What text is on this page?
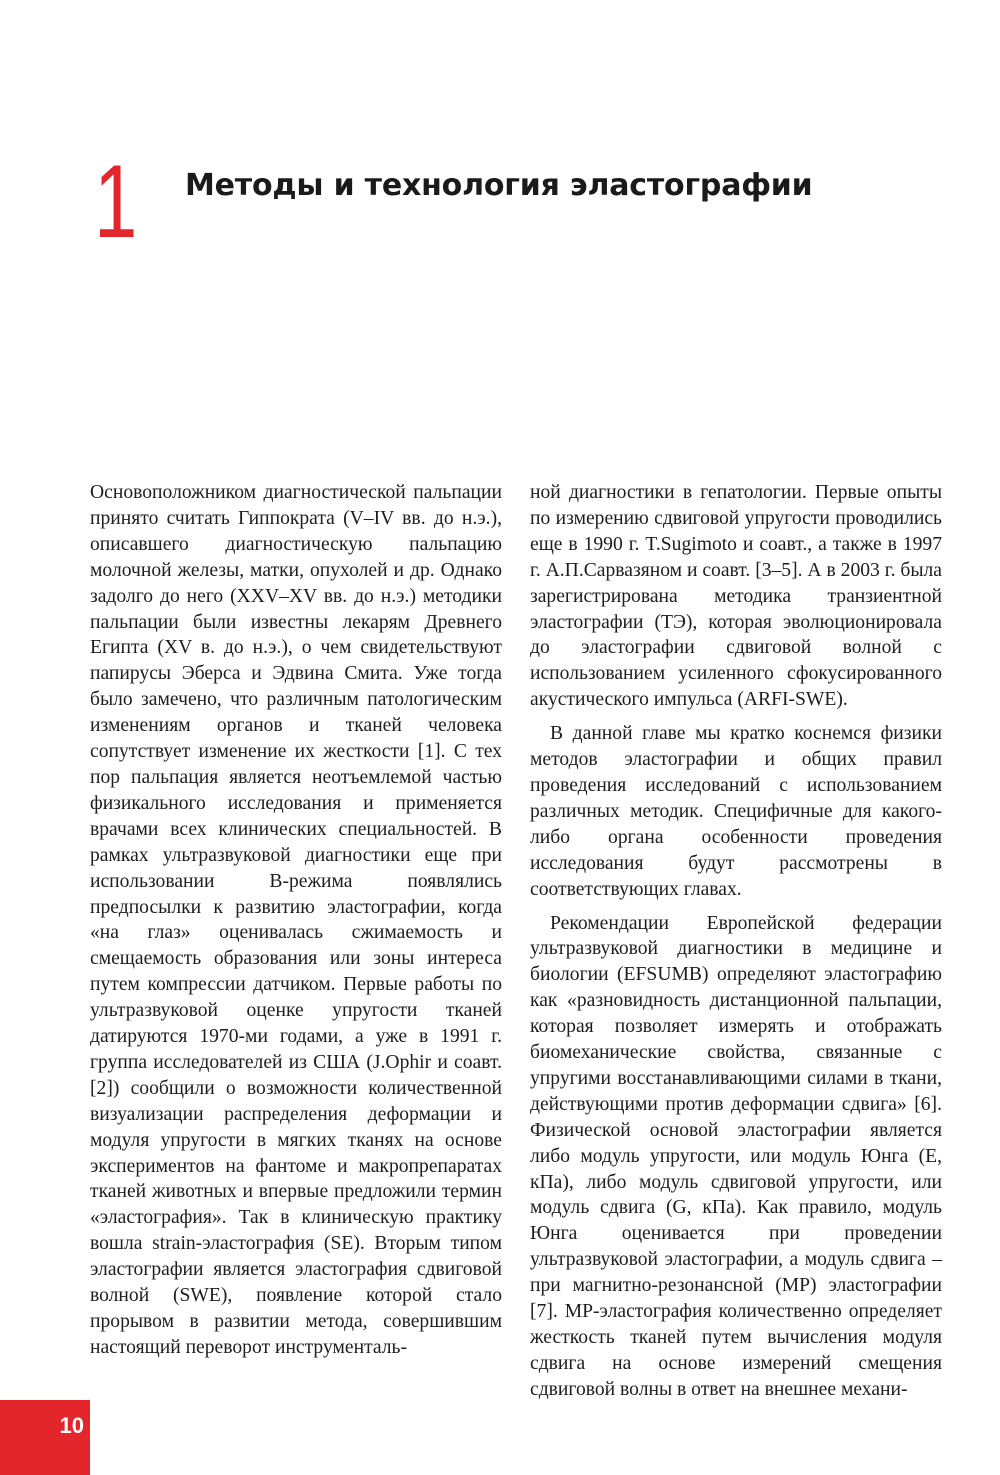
1 Методы и технология эластографии

Основоположником диагностической пальпации принято считать Гиппократа (V–IV вв. до н.э.), описавшего диагностическую пальпацию молочной железы, матки, опухолей и др. Однако задолго до него (XXV–XV вв. до н.э.) методики пальпации были известны лекарям Древнего Египта (XV в. до н.э.), о чем свидетельствуют папирусы Эберса и Эдвина Смита. Уже тогда было замечено, что различным патологическим изменениям органов и тканей человека сопутствует изменение их жесткости [1]. С тех пор пальпация является неотъемлемой частью физикального исследования и применяется врачами всех клинических специальностей. В рамках ультразвуковой диагностики еще при использовании В-режима появлялись предпосылки к развитию эластографии, когда «на глаз» оценивалась сжимаемость и смещаемость образования или зоны интереса путем компрессии датчиком. Первые работы по ультразвуковой оценке упругости тканей датируются 1970-ми годами, а уже в 1991 г. группа исследователей из США (J.Ophir и соавт. [2]) сообщили о возможности количественной визуализации распределения деформации и модуля упругости в мягких тканях на основе экспериментов на фантоме и макропрепаратах тканей животных и впервые предложили термин «эластография». Так в клиническую практику вошла strain-эластография (SE). Вторым типом эластографии является эластография сдвиговой волной (SWE), появление которой стало прорывом в развитии метода, совершившим настоящий переворот инструменталь-

ной диагностики в гепатологии. Первые опыты по измерению сдвиговой упругости проводились еще в 1990 г. T.Sugimoto и соавт., а также в 1997 г. А.П.Сарвазяном и соавт. [3–5]. А в 2003 г. была зарегистрирована методика транзиентной эластографии (ТЭ), которая эволюционировала до эластографии сдвиговой волной с использованием усиленного сфокусированного акустического импульса (ARFI-SWE).

В данной главе мы кратко коснемся физики методов эластографии и общих правил проведения исследований с использованием различных методик. Специфичные для какого-либо органа особенности проведения исследования будут рассмотрены в соответствующих главах.

Рекомендации Европейской федерации ультразвуковой диагностики в медицине и биологии (EFSUMB) определяют эластографию как «разновидность дистанционной пальпации, которая позволяет измерять и отображать биомеханические свойства, связанные с упругими восстанавливающими силами в ткани, действующими против деформации сдвига» [6]. Физической основой эластографии является либо модуль упругости, или модуль Юнга (E, кПа), либо модуль сдвиговой упругости, или модуль сдвига (G, кПа). Как правило, модуль Юнга оценивается при проведении ультразвуковой эластографии, а модуль сдвига – при магнитно-резонансной (МР) эластографии [7]. МР-эластография количественно определяет жесткость тканей путем вычисления модуля сдвига на основе измерений смещения сдвиговой волны в ответ на внешнее механи-

10
